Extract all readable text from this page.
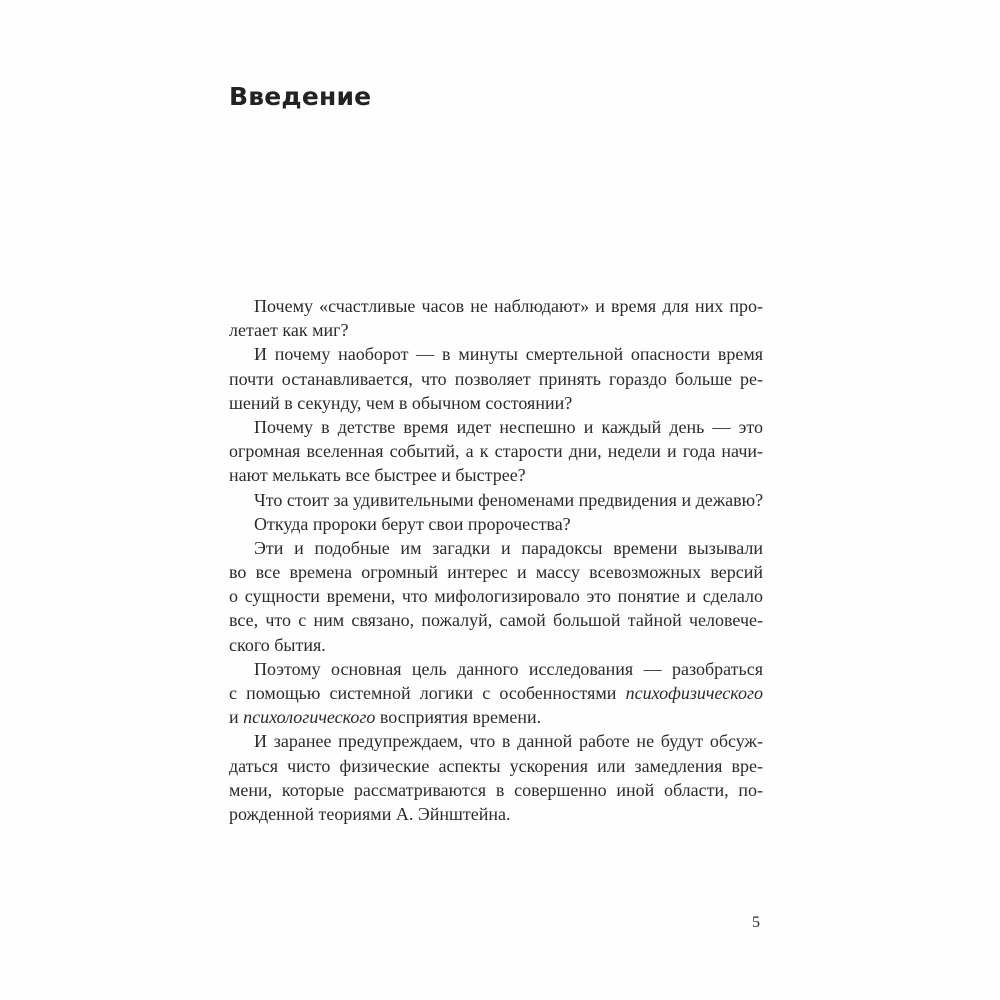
Введение
Почему «счастливые часов не наблюдают» и время для них про-
летает как миг?
И почему наоборот — в минуты смертельной опасности время
почти останавливается, что позволяет принять гораздо больше ре-
шений в секунду, чем в обычном состоянии?
Почему в детстве время идет неспешно и каждый день — это
огромная вселенная событий, а к старости дни, недели и года начи-
нают мелькать все быстрее и быстрее?
Что стоит за удивительными феноменами предвидения и дежавю?
Откуда пророки берут свои пророчества?
Эти и подобные им загадки и парадоксы времени вызывали
во все времена огромный интерес и массу всевозможных версий
о сущности времени, что мифологизировало это понятие и сделало
все, что с ним связано, пожалуй, самой большой тайной человече-
ского бытия.
Поэтому основная цель данного исследования — разобраться
с помощью системной логики с особенностями психофизического
и психологического восприятия времени.
И заранее предупреждаем, что в данной работе не будут обсуж-
даться чисто физические аспекты ускорения или замедления вре-
мени, которые рассматриваются в совершенно иной области, по-
рожденной теориями А. Эйнштейна.
5
